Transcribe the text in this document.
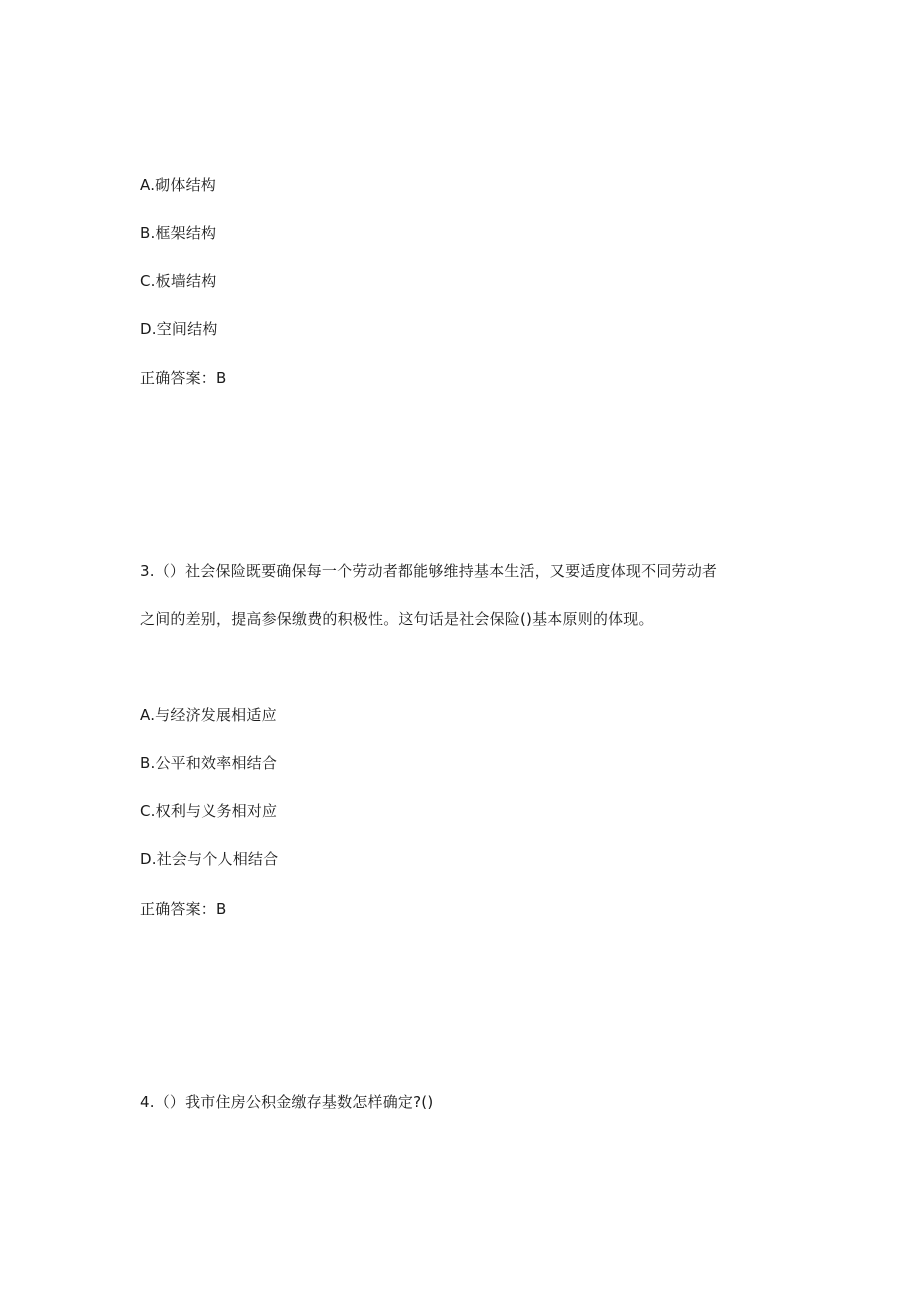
A.砌体结构
B.框架结构
C.板墙结构
D.空间结构
正确答案：B
3.（）社会保险既要确保每一个劳动者都能够维持基本生活，又要适度体现不同劳动者
之间的差别，提高参保缴费的积极性。这句话是社会保险()基本原则的体现。
A.与经济发展相适应
B.公平和效率相结合
C.权利与义务相对应
D.社会与个人相结合
正确答案：B
4.（）我市住房公积金缴存基数怎样确定?()
